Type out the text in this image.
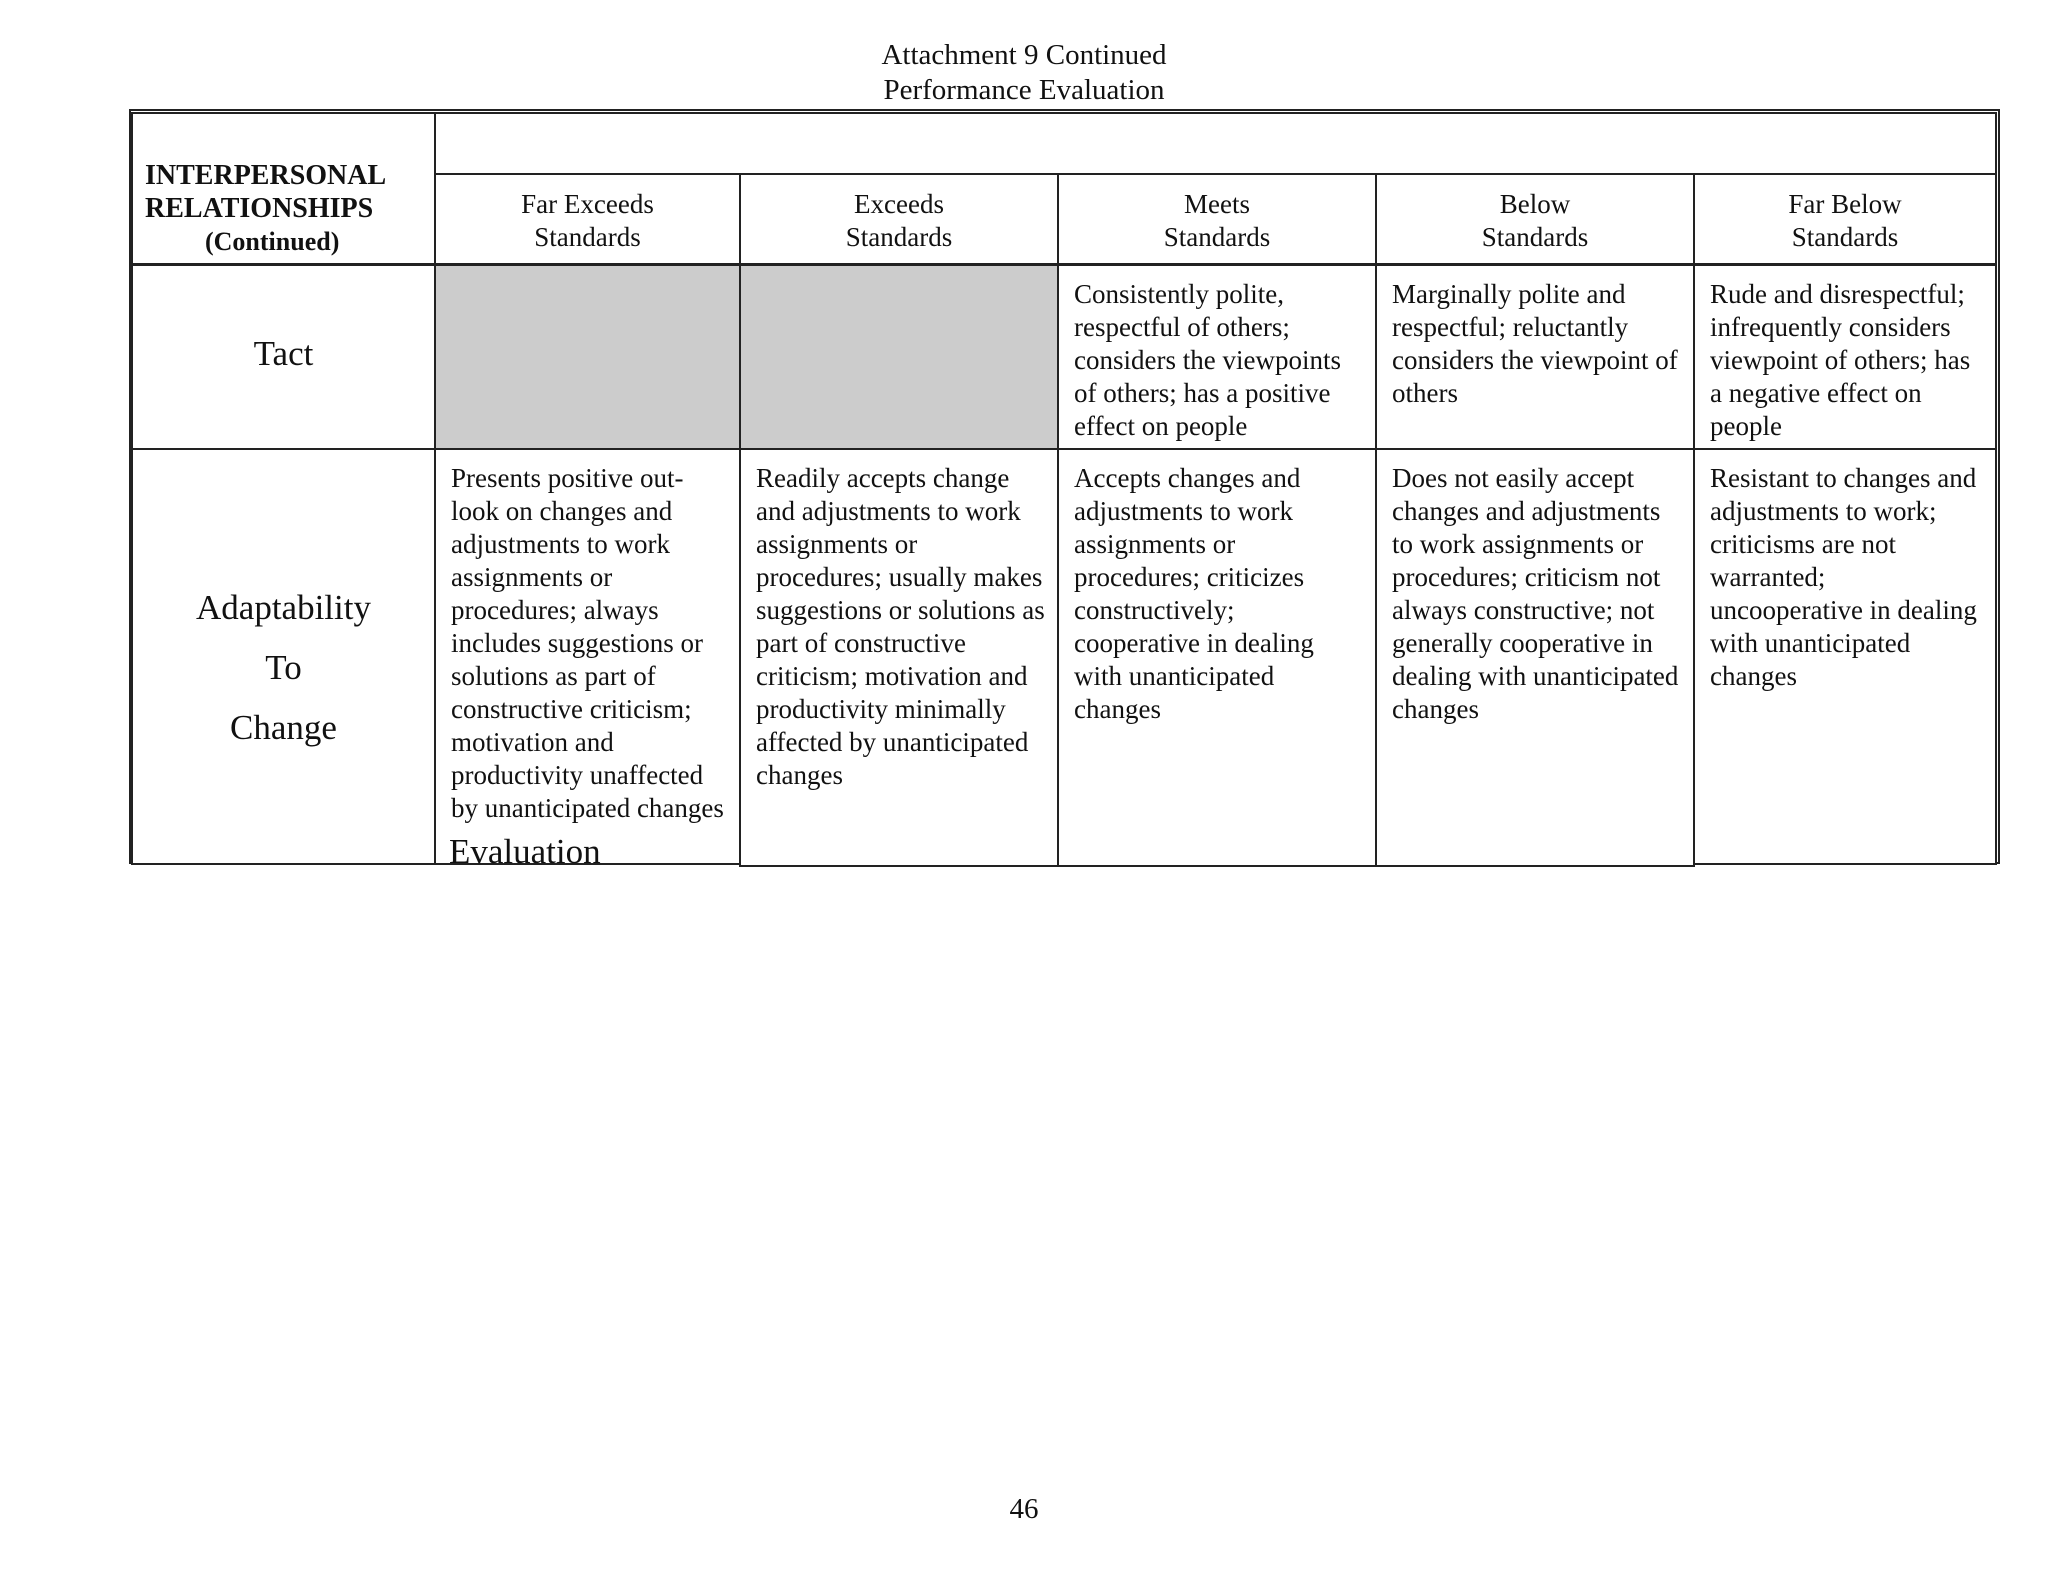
Attachment 9 Continued
Performance Evaluation
INTERPERSONAL
RELATIONSHIPS
(Continued)
Far Exceeds
Standards
Exceeds
Standards
Meets
Standards
Below
Standards
Far Below
Standards
Tact
Consistently polite, respectful of others; considers the viewpoints of others; has a positive effect on people
Marginally polite and respectful; reluctantly considers the viewpoint of others
Rude and disrespectful; infrequently considers viewpoint of others; has a negative effect on people
Adaptability
To
Change
Presents positive out-look on changes and adjustments to work assignments or procedures; always includes suggestions or solutions as part of constructive criticism; motivation and productivity unaffected by unanticipated changes
Readily accepts change and adjustments to work assignments or procedures; usually makes suggestions or solutions as part of constructive criticism; motivation and productivity minimally affected by unanticipated changes
Accepts changes and adjustments to work assignments or procedures; criticizes constructively; cooperative in dealing with unanticipated changes
Does not easily accept changes and adjustments to work assignments or procedures; criticism not always constructive; not generally cooperative in dealing with unanticipated changes
Resistant to changes and adjustments to work; criticisms are not warranted; uncooperative in dealing with unanticipated changes
Evaluation
46
